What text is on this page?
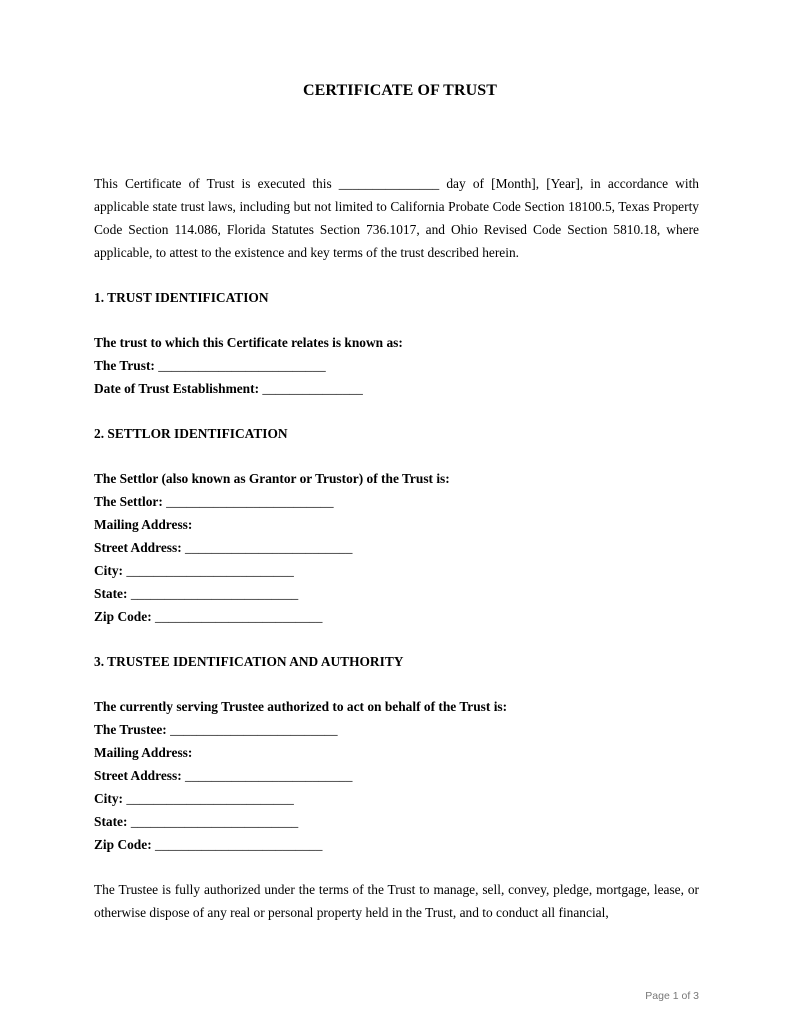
CERTIFICATE OF TRUST

This Certificate of Trust is executed this _______________ day of [Month], [Year], in accordance with applicable state trust laws, including but not limited to California Probate Code Section 18100.5, Texas Property Code Section 114.086, Florida Statutes Section 736.1017, and Ohio Revised Code Section 5810.18, where applicable, to attest to the existence and key terms of the trust described herein.

1. TRUST IDENTIFICATION
The trust to which this Certificate relates is known as:
The Trust: _________________________
Date of Trust Establishment: _______________
2. SETTLOR IDENTIFICATION
The Settlor (also known as Grantor or Trustor) of the Trust is:
The Settlor: _________________________
Mailing Address:
Street Address: _________________________
City: _________________________
State: _________________________
Zip Code: _________________________
3. TRUSTEE IDENTIFICATION AND AUTHORITY
The currently serving Trustee authorized to act on behalf of the Trust is:
The Trustee: _________________________
Mailing Address:
Street Address: _________________________
City: _________________________
State: _________________________
Zip Code: _________________________

The Trustee is fully authorized under the terms of the Trust to manage, sell, convey, pledge, mortgage, lease, or otherwise dispose of any real or personal property held in the Trust, and to conduct all financial,

Page 1 of 3
